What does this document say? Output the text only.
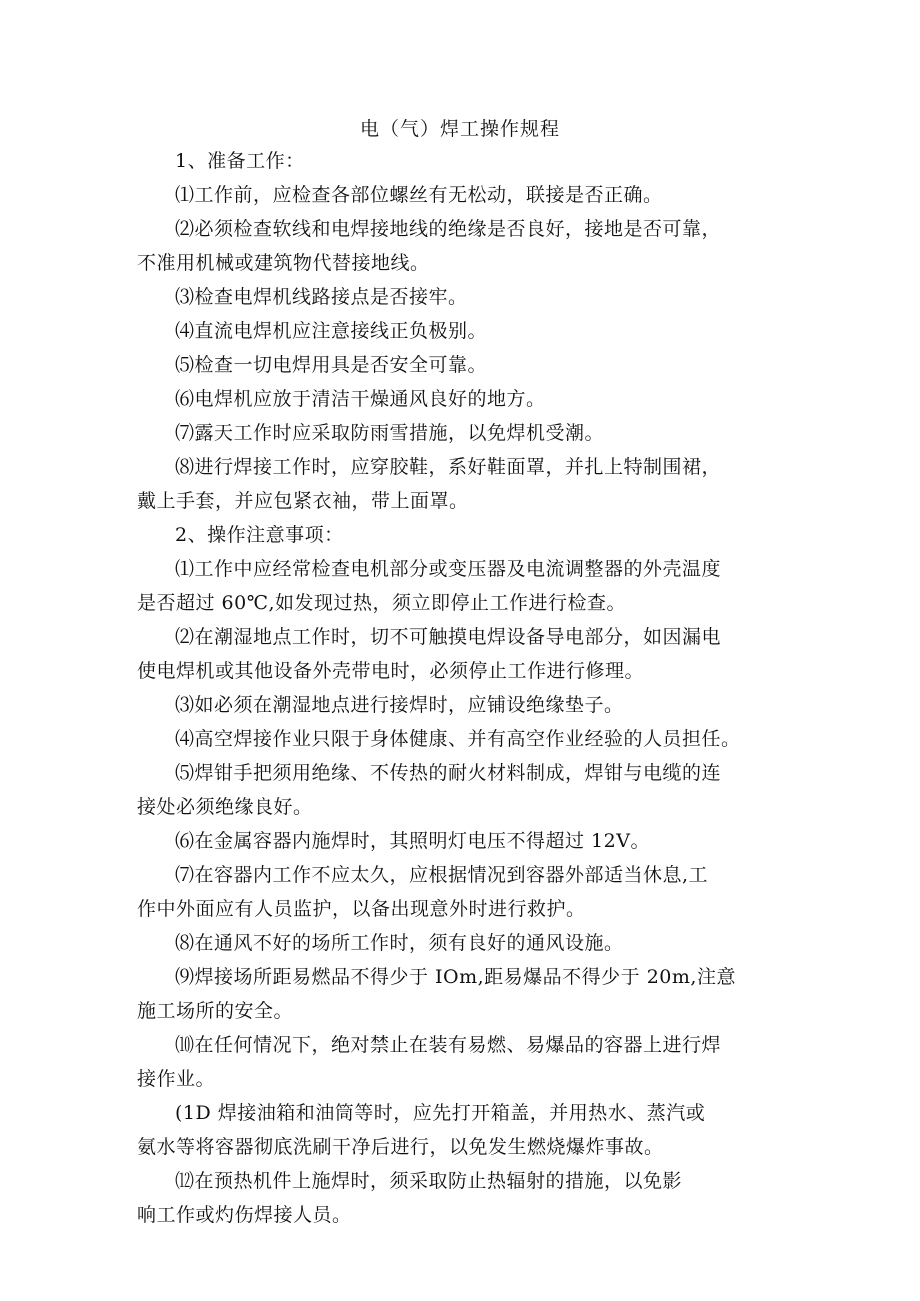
电（气）焊工操作规程

1、准备工作：

⑴工作前，应检查各部位螺丝有无松动，联接是否正确。

⑵必须检查软线和电焊接地线的绝缘是否良好，接地是否可靠，
不准用机械或建筑物代替接地线。

⑶检查电焊机线路接点是否接牢。

⑷直流电焊机应注意接线正负极别。

⑸检查一切电焊用具是否安全可靠。

⑹电焊机应放于清洁干燥通风良好的地方。

⑺露天工作时应采取防雨雪措施，以免焊机受潮。

⑻进行焊接工作时，应穿胶鞋，系好鞋面罩，并扎上特制围裙，
戴上手套，并应包紧衣袖，带上面罩。

2、操作注意事项：

⑴工作中应经常检查电机部分或变压器及电流调整器的外壳温度
是否超过 60℃,如发现过热，须立即停止工作进行检查。

⑵在潮湿地点工作时，切不可触摸电焊设备导电部分，如因漏电
使电焊机或其他设备外壳带电时，必须停止工作进行修理。

⑶如必须在潮湿地点进行接焊时，应铺设绝缘垫子。

⑷高空焊接作业只限于身体健康、并有高空作业经验的人员担任。

⑸焊钳手把须用绝缘、不传热的耐火材料制成，焊钳与电缆的连
接处必须绝缘良好。

⑹在金属容器内施焊时，其照明灯电压不得超过 12V。

⑺在容器内工作不应太久，应根据情况到容器外部适当休息,工
作中外面应有人员监护，以备出现意外时进行救护。

⑻在通风不好的场所工作时，须有良好的通风设施。

⑼焊接场所距易燃品不得少于 IOm,距易爆品不得少于 20m,注意
施工场所的安全。

⑽在任何情况下，绝对禁止在装有易燃、易爆品的容器上进行焊
接作业。

(1D 焊接油箱和油筒等时，应先打开箱盖，并用热水、蒸汽或
氨水等将容器彻底洗刷干净后进行，以免发生燃烧爆炸事故。

⑿在预热机件上施焊时，须采取防止热辐射的措施，以免影
响工作或灼伤焊接人员。
